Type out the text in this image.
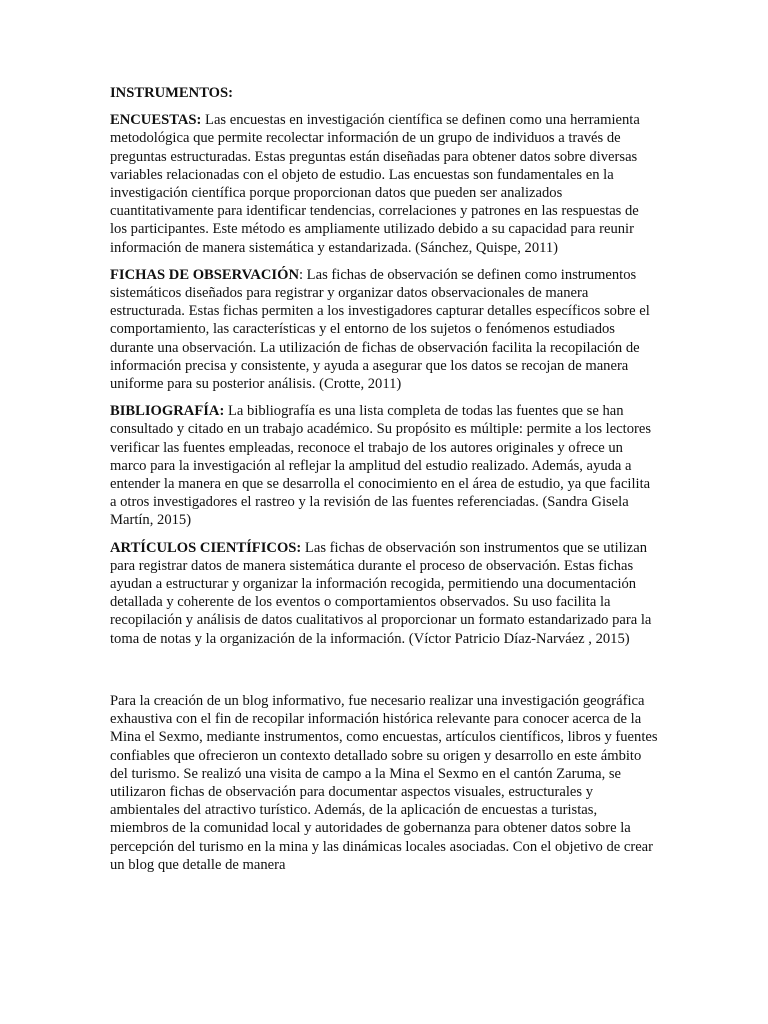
INSTRUMENTOS:

ENCUESTAS: Las encuestas en investigación científica se definen como una herramienta metodológica que permite recolectar información de un grupo de individuos a través de preguntas estructuradas. Estas preguntas están diseñadas para obtener datos sobre diversas variables relacionadas con el objeto de estudio. Las encuestas son fundamentales en la investigación científica porque proporcionan datos que pueden ser analizados cuantitativamente para identificar tendencias, correlaciones y patrones en las respuestas de los participantes. Este método es ampliamente utilizado debido a su capacidad para reunir información de manera sistemática y estandarizada. (Sánchez, Quispe, 2011)

FICHAS DE OBSERVACIÓN: Las fichas de observación se definen como instrumentos sistemáticos diseñados para registrar y organizar datos observacionales de manera estructurada. Estas fichas permiten a los investigadores capturar detalles específicos sobre el comportamiento, las características y el entorno de los sujetos o fenómenos estudiados durante una observación. La utilización de fichas de observación facilita la recopilación de información precisa y consistente, y ayuda a asegurar que los datos se recojan de manera uniforme para su posterior análisis. (Crotte, 2011)

BIBLIOGRAFÍA: La bibliografía es una lista completa de todas las fuentes que se han consultado y citado en un trabajo académico. Su propósito es múltiple: permite a los lectores verificar las fuentes empleadas, reconoce el trabajo de los autores originales y ofrece un marco para la investigación al reflejar la amplitud del estudio realizado. Además, ayuda a entender la manera en que se desarrolla el conocimiento en el área de estudio, ya que facilita a otros investigadores el rastreo y la revisión de las fuentes referenciadas. (Sandra Gisela Martín, 2015)

ARTÍCULOS CIENTÍFICOS: Las fichas de observación son instrumentos que se utilizan para registrar datos de manera sistemática durante el proceso de observación. Estas fichas ayudan a estructurar y organizar la información recogida, permitiendo una documentación detallada y coherente de los eventos o comportamientos observados. Su uso facilita la recopilación y análisis de datos cualitativos al proporcionar un formato estandarizado para la toma de notas y la organización de la información. (Víctor Patricio Díaz-Narváez , 2015)

Para la creación de un blog informativo, fue necesario realizar una investigación geográfica exhaustiva con el fin de recopilar información histórica relevante para conocer acerca de la Mina el Sexmo, mediante instrumentos, como encuestas, artículos científicos, libros y fuentes confiables que ofrecieron un contexto detallado sobre su origen y desarrollo en este ámbito del turismo. Se realizó una visita de campo a la Mina el Sexmo en el cantón Zaruma, se utilizaron fichas de observación para documentar aspectos visuales, estructurales y ambientales del atractivo turístico. Además, de la aplicación de encuestas a turistas, miembros de la comunidad local y autoridades de gobernanza para obtener datos sobre la percepción del turismo en la mina y las dinámicas locales asociadas. Con el objetivo de crear un blog que detalle de manera
